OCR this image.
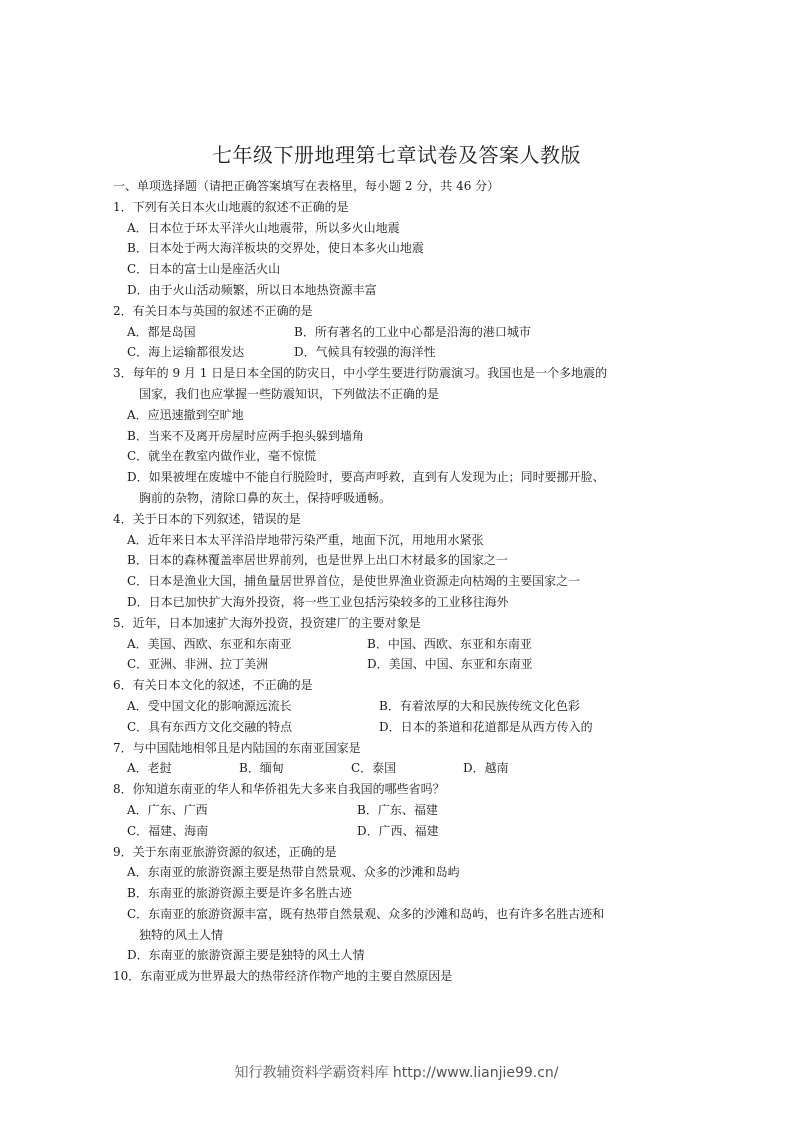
七年级下册地理第七章试卷及答案人教版
一、单项选择题（请把正确答案填写在表格里，每小题 2 分，共 46 分）
1．下列有关日本火山地震的叙述不正确的是
A．日本位于环太平洋火山地震带，所以多火山地震
B．日本处于两大海洋板块的交界处，使日本多火山地震
C．日本的富士山是座活火山
D．由于火山活动频繁，所以日本地热资源丰富
2．有关日本与英国的叙述不正确的是
A．都是岛国	B．所有著名的工业中心都是沿海的港口城市
C．海上运输都很发达	D．气候具有较强的海洋性
3．每年的 9 月 1 日是日本全国的防灾日，中小学生要进行防震演习。我国也是一个多地震的
国家，我们也应掌握一些防震知识，下列做法不正确的是
A．应迅速撤到空旷地
B．当来不及离开房屋时应两手抱头躲到墙角
C．就坐在教室内做作业，毫不惊慌
D．如果被埋在废墟中不能自行脱险时，要高声呼救，直到有人发现为止；同时要挪开脸、
胸前的杂物，清除口鼻的灰土，保持呼吸通畅。
4．关于日本的下列叙述，错误的是
A．近年来日本太平洋沿岸地带污染严重，地面下沉，用地用水紧张
B．日本的森林覆盖率居世界前列，也是世界上出口木材最多的国家之一
C．日本是渔业大国，捕鱼量居世界首位，是使世界渔业资源走向枯竭的主要国家之一
D．日本已加快扩大海外投资，将一些工业包括污染较多的工业移往海外
5．近年，日本加速扩大海外投资，投资建厂的主要对象是
A．美国、西欧、东亚和东南亚	B．中国、西欧、东亚和东南亚
C．亚洲、非洲、拉丁美洲	D．美国、中国、东亚和东南亚
6．有关日本文化的叙述，不正确的是
A．受中国文化的影响源远流长	B．有着浓厚的大和民族传统文化色彩
C．具有东西方文化交融的特点	D．日本的茶道和花道都是从西方传入的
7．与中国陆地相邻且是内陆国的东南亚国家是
A．老挝	B．缅甸	C．泰国	D．越南
8．你知道东南亚的华人和华侨祖先大多来自我国的哪些省吗？
A．广东、广西	B．广东、福建
C．福建、海南	D．广西、福建
9．关于东南亚旅游资源的叙述，正确的是
A．东南亚的旅游资源主要是热带自然景观、众多的沙滩和岛屿
B．东南亚的旅游资源主要是许多名胜古迹
C．东南亚的旅游资源丰富，既有热带自然景观、众多的沙滩和岛屿，也有许多名胜古迹和
独特的风土人情
D．东南亚的旅游资源主要是独特的风土人情
10．东南亚成为世界最大的热带经济作物产地的主要自然原因是
知行教辅资料学霸资料库 http://www.lianjie99.cn/
